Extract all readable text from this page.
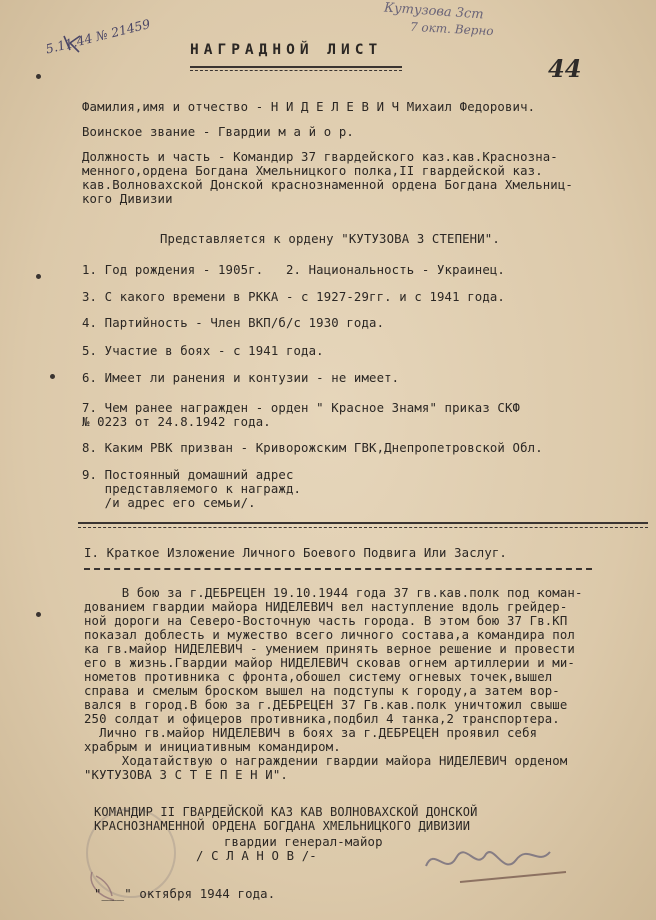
Кутузова 3ст
7 окт. Верно
5.11.44 № 21459
44
НАГРАДНОЙ ЛИСТ
Фамилия,имя и отчество - Н И Д Е Л Е В И Ч Михаил Федорович.
Воинское звание - Гвардии м а й о р.
Должность и часть - Командир 37 гвардейского каз.кав.Краснозна-
менного,ордена Богдана Хмельницкого полка,II гвардейской каз.
кав.Волновахской Донской краснознаменной ордена Богдана Хмельниц-
кого Дивизии
Представляется к ордену "КУТУЗОВА 3 СТЕПЕНИ".
1. Год рождения - 1905г.   2. Национальность - Украинец.
3. С какого времени в РККА - с 1927-29гг. и с 1941 года.
4. Партийность - Член ВКП/б/с 1930 года.
5. Участие в боях - с 1941 года.
6. Имеет ли ранения и контузии - не имеет.
7. Чем ранее награжден - орден " Красное Знамя" приказ СКФ
№ 0223 от 24.8.1942 года.
8. Каким РВК призван - Криворожским ГВК,Днепропетровской Обл.
9. Постоянный домашний адрес
представляемого к награжд.
/и адрес его семьи/.
I. Краткое Изложение Личного Боевого Подвига Или Заслуг.
В бою за г.ДЕБРЕЦЕН 19.10.1944 года 37 гв.кав.полк под коман-
дованием гвардии майора НИДЕЛЕВИЧ вел наступление вдоль грейдер-
ной дороги на Северо-Восточную часть города. В этом бою 37 Гв.КП
показал доблесть и мужество всего личного состава,а командира пол
ка гв.майор НИДЕЛЕВИЧ - умением принять верное решение и провести
его в жизнь.Гвардии майор НИДЕЛЕВИЧ сковав огнем артиллерии и ми-
нометов противника с фронта,обошел систему огневых точек,вышел
справа и смелым броском вышел на подступы к городу,а затем вор-
вался в город.В бою за г.ДЕБРЕЦЕН 37 Гв.кав.полк уничтожил свыше
250 солдат и офицеров противника,подбил 4 танка,2 транспортера.
Лично гв.майор НИДЕЛЕВИЧ в боях за г.ДЕБРЕЦЕН проявил себя
храбрым и инициативным командиром.
Ходатайствую о награждении гвардии майора НИДЕЛЕВИЧ орденом
"КУТУЗОВА 3 С Т Е П Е Н И".
КОМАНДИР II ГВАРДЕЙСКОЙ КАЗ КАВ ВОЛНОВАХСКОЙ ДОНСКОЙ
КРАСНОЗНАМЕННОЙ ОРДЕНА БОГДАНА ХМЕЛЬНИЦКОГО ДИВИЗИИ
гвардии генерал-майор
/ С Л А Н О В /-
"___" октября 1944 года.
